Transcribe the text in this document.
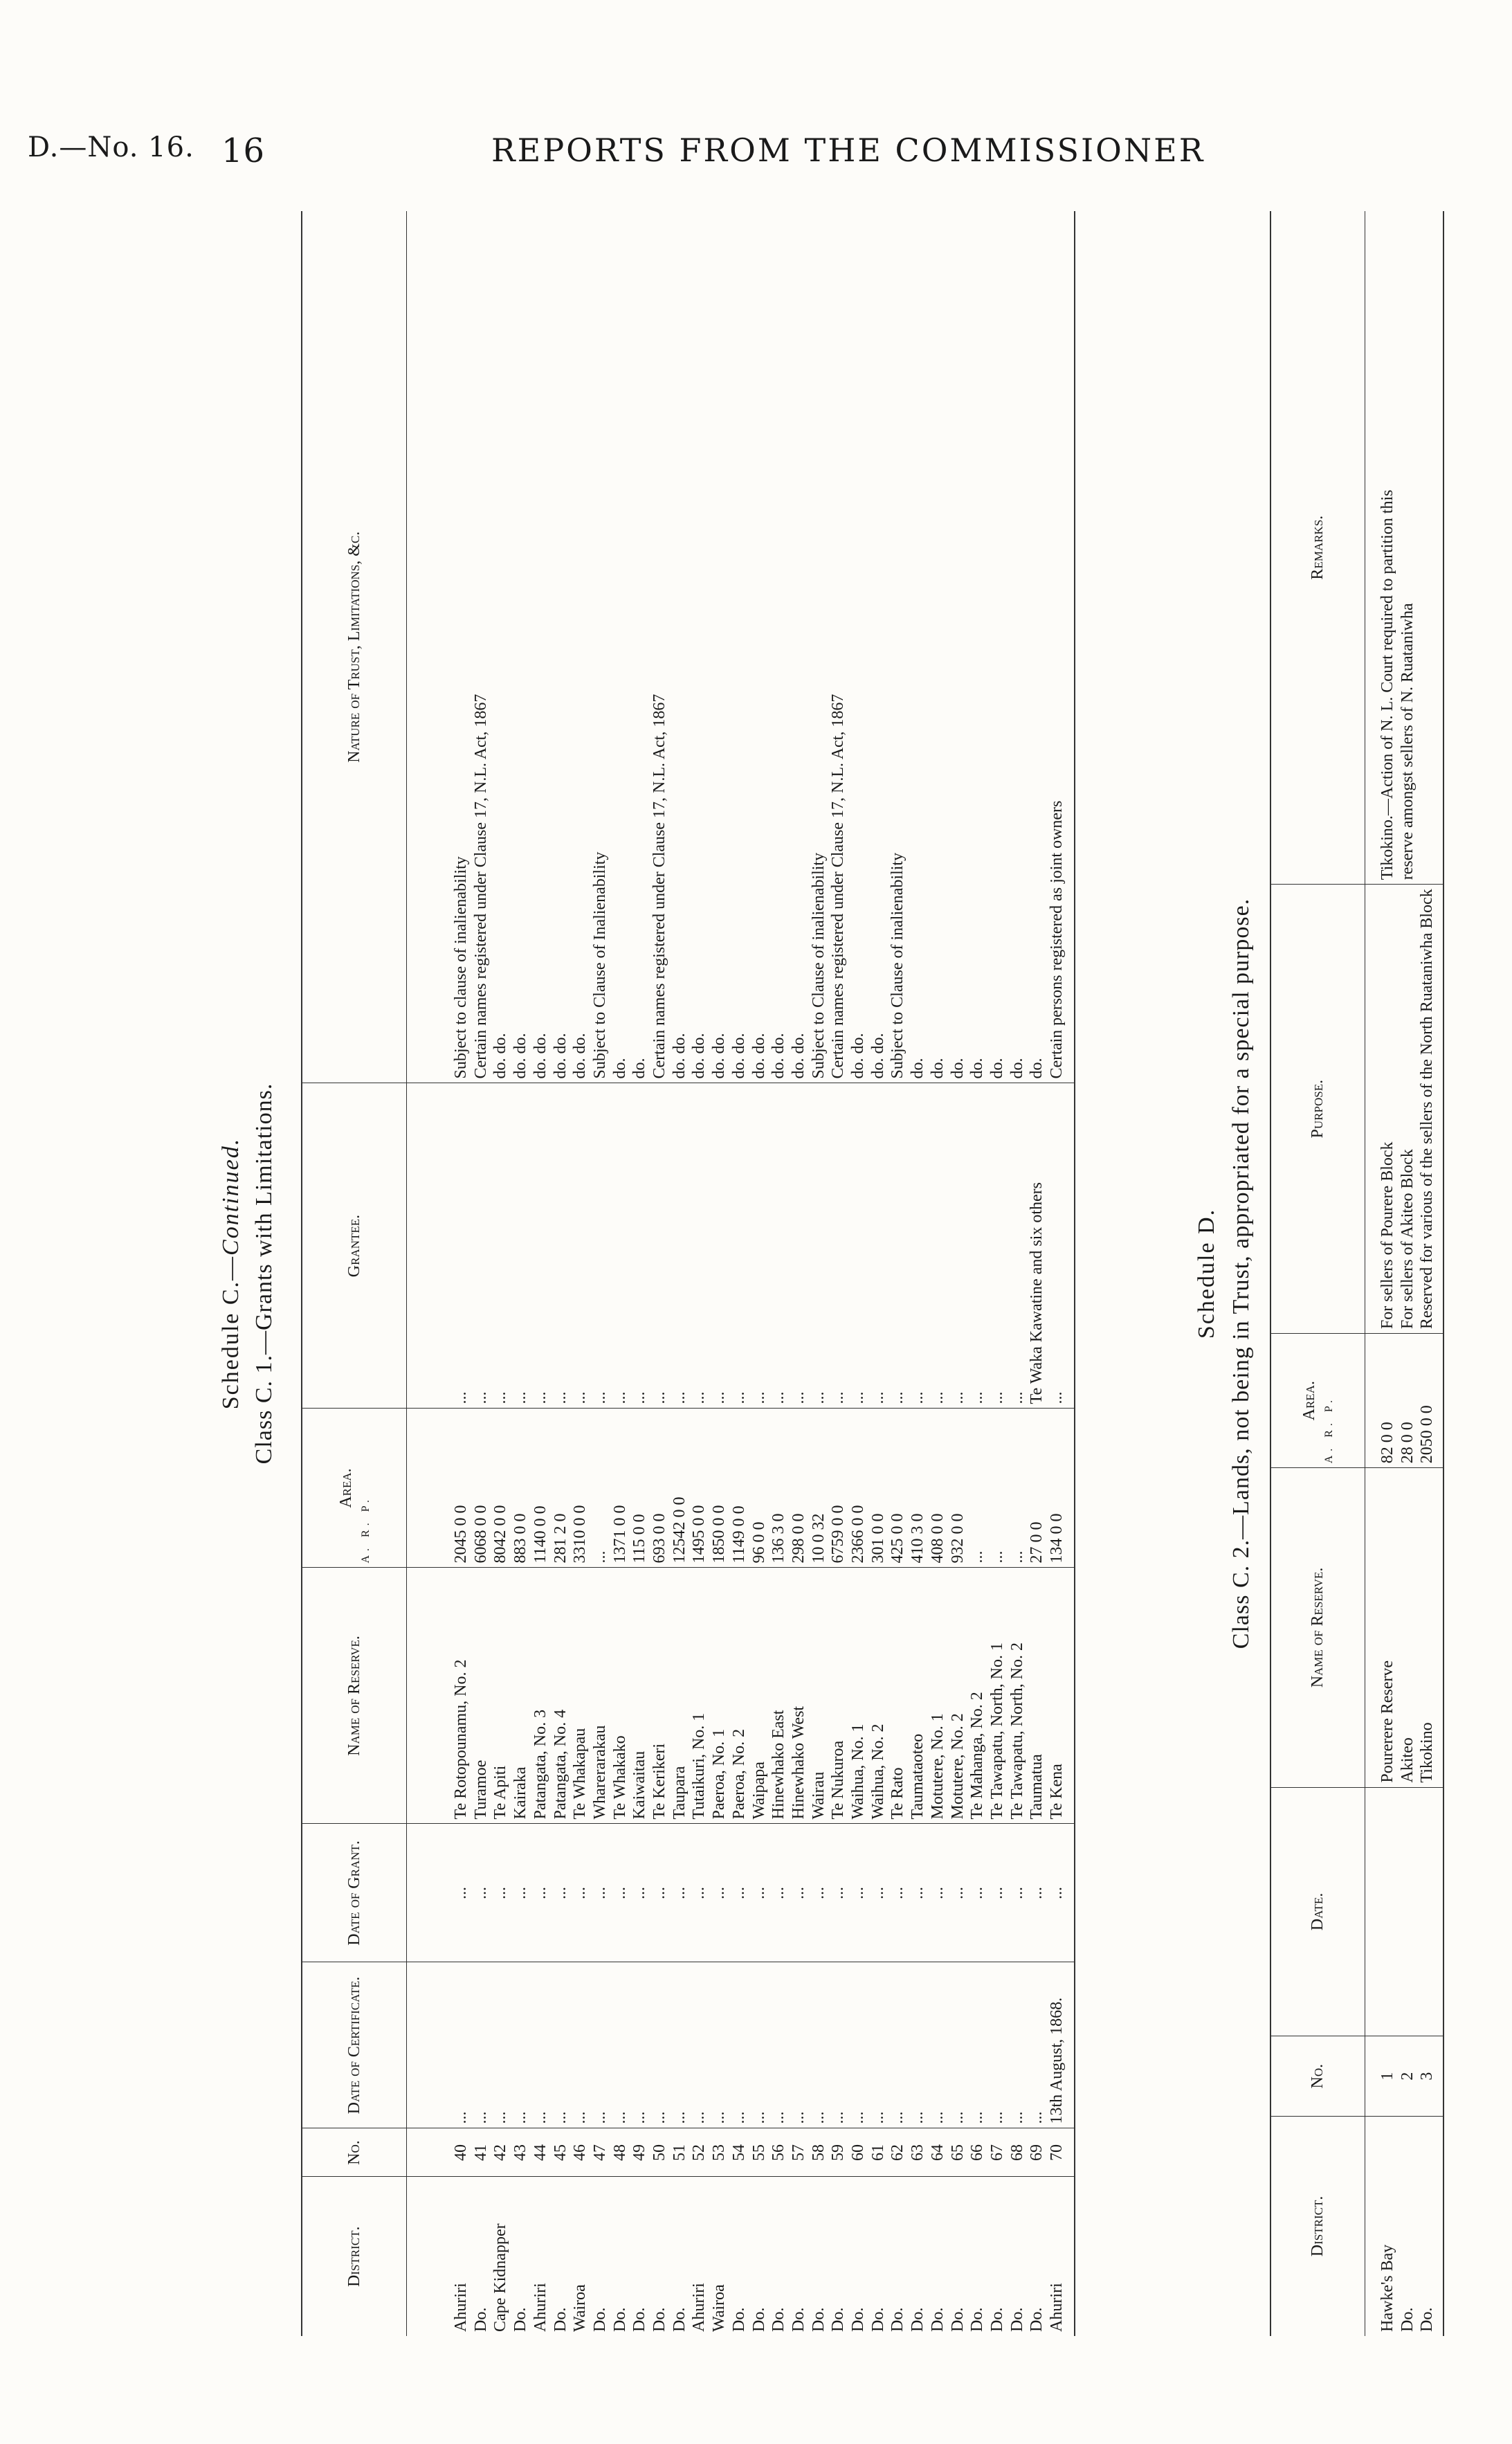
D.—No. 16. 16	REPORTS FROM THE COMMISSIONER
Schedule C.—Continued. Class C. 1.—Grants with Limitations.
District.	No.	Date of Certificate.	Date of Grant.	Name of Reserve.	Area.
A. R. P.	Grantee.	Nature of Trust, Limitations, &c.
Ahuriri	40	...	...	Te Rotopounamu, No. 2	2045 0 0	...	Subject to clause of inalienability
Do.	41	...	...	Turamoe	6068 0 0	...	Certain names registered under Clause 17, N.L. Act, 1867
Cape Kidnapper	42	...	...	Te Apiti	8042 0 0	...	do. do.
Do.	43	...	...	Kairaka	883 0 0	...	do. do.
Ahuriri	44	...	...	Patangata, No. 3	1140 0 0	...	do. do.
Do.	45	...	...	Patangata, No. 4	281 2 0	...	do. do.
Wairoa	46	...	...	Te Whakapau	3310 0 0	...	do. do.
Do.	47	...	...	Wharerarakau	...	...	Subject to Clause of Inalienability
Do.	48	...	...	Te Whakako	1371 0 0	...	do.
Do.	49	...	...	Kaiwaitau	115 0 0	...	do.
Do.	50	...	...	Te Kerikeri	693 0 0	...	Certain names registered under Clause 17, N.L. Act, 1867
Do.	51	...	...	Taupara	12542 0 0	...	do. do.
Ahuriri	52	...	...	Tutaikuri, No. 1	1495 0 0	...	do. do.
Wairoa	53	...	...	Paeroa, No. 1	1850 0 0	...	do. do.
Do.	54	...	...	Paeroa, No. 2	1149 0 0	...	do. do.
Do.	55	...	...	Waipapa	96 0 0	...	do. do.
Do.	56	...	...	Hinewhako East	136 3 0	...	do. do.
Do.	57	...	...	Hinewhako West	298 0 0	...	do. do.
Do.	58	...	...	Wairau	10 0 32	...	Subject to Clause of inalienability
Do.	59	...	...	Te Nukuroa	6759 0 0	...	Certain names registered under Clause 17, N.L. Act, 1867
Do.	60	...	...	Waihua, No. 1	2366 0 0	...	do. do.
Do.	61	...	...	Waihua, No. 2	301 0 0	...	do. do.
Do.	62	...	...	Te Rato	425 0 0	...	Subject to Clause of inalienability
Do.	63	...	...	Taumataoteo	410 3 0	...	do.
Do.	64	...	...	Motutere, No. 1	408 0 0	...	do.
Do.	65	...	...	Motutere, No. 2	932 0 0	...	do.
Do.	66	...	...	Te Mahanga, No. 2	...	...	do.
Do.	67	...	...	Te Tawapatu, North, No. 1	...	...	do.
Do.	68	...	...	Te Tawapatu, North, No. 2	...	...	do.
Do.	69	...	...	Taumatua	27 0 0	Te Waka Kawatine and six others	do.
Ahuriri	70	13th August, 1868.	...	Te Kena	134 0 0	...	Certain persons registered as joint owners
Schedule D. Class C. 2.—Lands, not being in Trust, appropriated for a special purpose.
District.	No.	Date.	Name of Reserve.	Area. A. R. P.	Purpose.	Remarks.
Hawke's Bay	1		Pourerere Reserve	82 0 0	For sellers of Pourere Block	Tikokino.—Action of N. L. Court required to partition this
Do.	2		Akiteo	28 0 0	For sellers of Akiteo Block	reserve amongst sellers of N. Ruataniwha
Do.	3		Tikokino	2050 0 0	Reserved for various of the sellers of the North Ruataniwha Block	
